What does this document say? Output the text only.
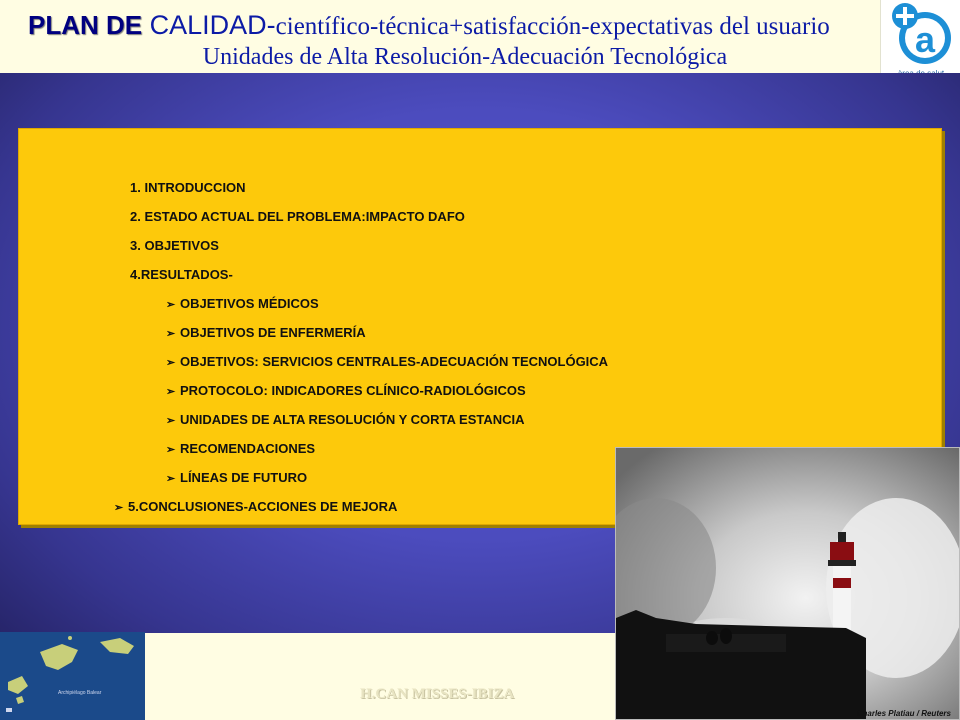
PLAN DE CALIDAD-científico-técnica+satisfacción-expectativas del usuario
Unidades de Alta Resolución-Adecuación Tecnológica	a
1. INTRODUCCION
2. ESTADO ACTUAL DEL PROBLEMA:IMPACTO DAFO
3. OBJETIVOS
4.RESULTADOS-
➢ OBJETIVOS MÉDICOS
➢ OBJETIVOS DE ENFERMERÍA
➢ OBJETIVOS: SERVICIOS CENTRALES-ADECUACIÓN TECNOLÓGICA
➢ PROTOCOLO: INDICADORES CLÍNICO-RADIOLÓGICOS
➢ UNIDADES DE ALTA RESOLUCIÓN Y CORTA ESTANCIA
➢ RECOMENDACIONES
➢ LÍNEAS DE FUTURO
➢ 5.CONCLUSIONES-ACCIONES DE MEJORA
Archipiélago Balear	H.CAN MISSES-IBIZA
Charles Platiau / Reuters
